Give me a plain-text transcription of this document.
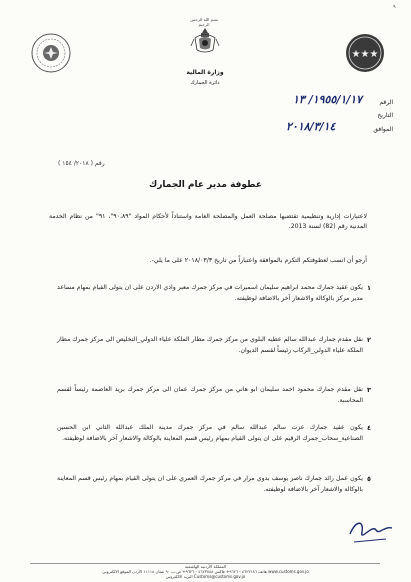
٩
بسم الله الرحمن الرحيم
وزارة المالية
دائرة الجمارك
★★★
الرقم
التاريخ
الموافق
١٩٥٥/١/١٧/ ١٣
٢٠١٨/٣/١٤
رقم ( ٢٠١٨/ ١٥٤ )
عطوفة مدير عام الجمارك
لاعتبارات إدارية وتنظيمية تقتضيها مصلحة العمل والمصلحة العامة واستناداً لأحكام المواد "٩٠،٨٩"، ٩١" من نظام الخدمة المدنية رقم (82) لسنة 2013.
أرجو أن انسب لعطوفتكم التكرم بالموافقة واعتباراً من تاريخ ٢٠١٨/٠٣/٣ على ما يلي-.
١
يكون عقيد جمارك محمد ابراهيم سليمان اسميرات في مركز جمرك معبر وادي الاردن على ان يتولى القيام بمهام مساعد مدير مركز بالوكالة والاشعار آخر بالاضافة لوظيفته.
٢
نقل مقدم جمارك عبدالله سالم عطيه البلوي من مركز جمرك مطار الملكة علياء الدولي_التخليص الى مركز جمرك مطار الملكة علياء الدولي_الركاب رئيساً لقسم الديوان.
٣
نقل مقدم جمارك محمود احمد سليمان ابو هاني من مركز جمرك عمان الى مركز جمرك بريد العاصمة رئيساً لقسم المحاسبة.
٤
يكون عقيد جمارك عزت سالم عبدالله سالم في مركز جمرك مدينة الملك عبدالله الثاني ابن الحسين الصناعية_سحاب_جمرك الرقيم على ان يتولى القيام بمهام رئيس قسم المعاينة بالوكالة والاشعار آخر بالاضافة لوظيفته.
٥
يكون عمل رائد جمارك ناصر يوسف بدوي مرار في مركز جمرك العمري على ان يتولى القيام بمهام رئيس قسم المعاينة بالوكالة والاشعار آخر بالاضافة لوظيفته.
المملكة الأردنية الهاشمية
هاتف ٤٦٢٣١٨٦ - ٩٦٢٦+ فاكس ٤٦٢٣٨٨٨ - ٩٦٢٦+ ص.ب ٩٠ عمان ١١١١٨ الأردن الموقع الالكتروني www.customs.gov.jo
البريد الالكتروني Customs@customs.gov.jo
